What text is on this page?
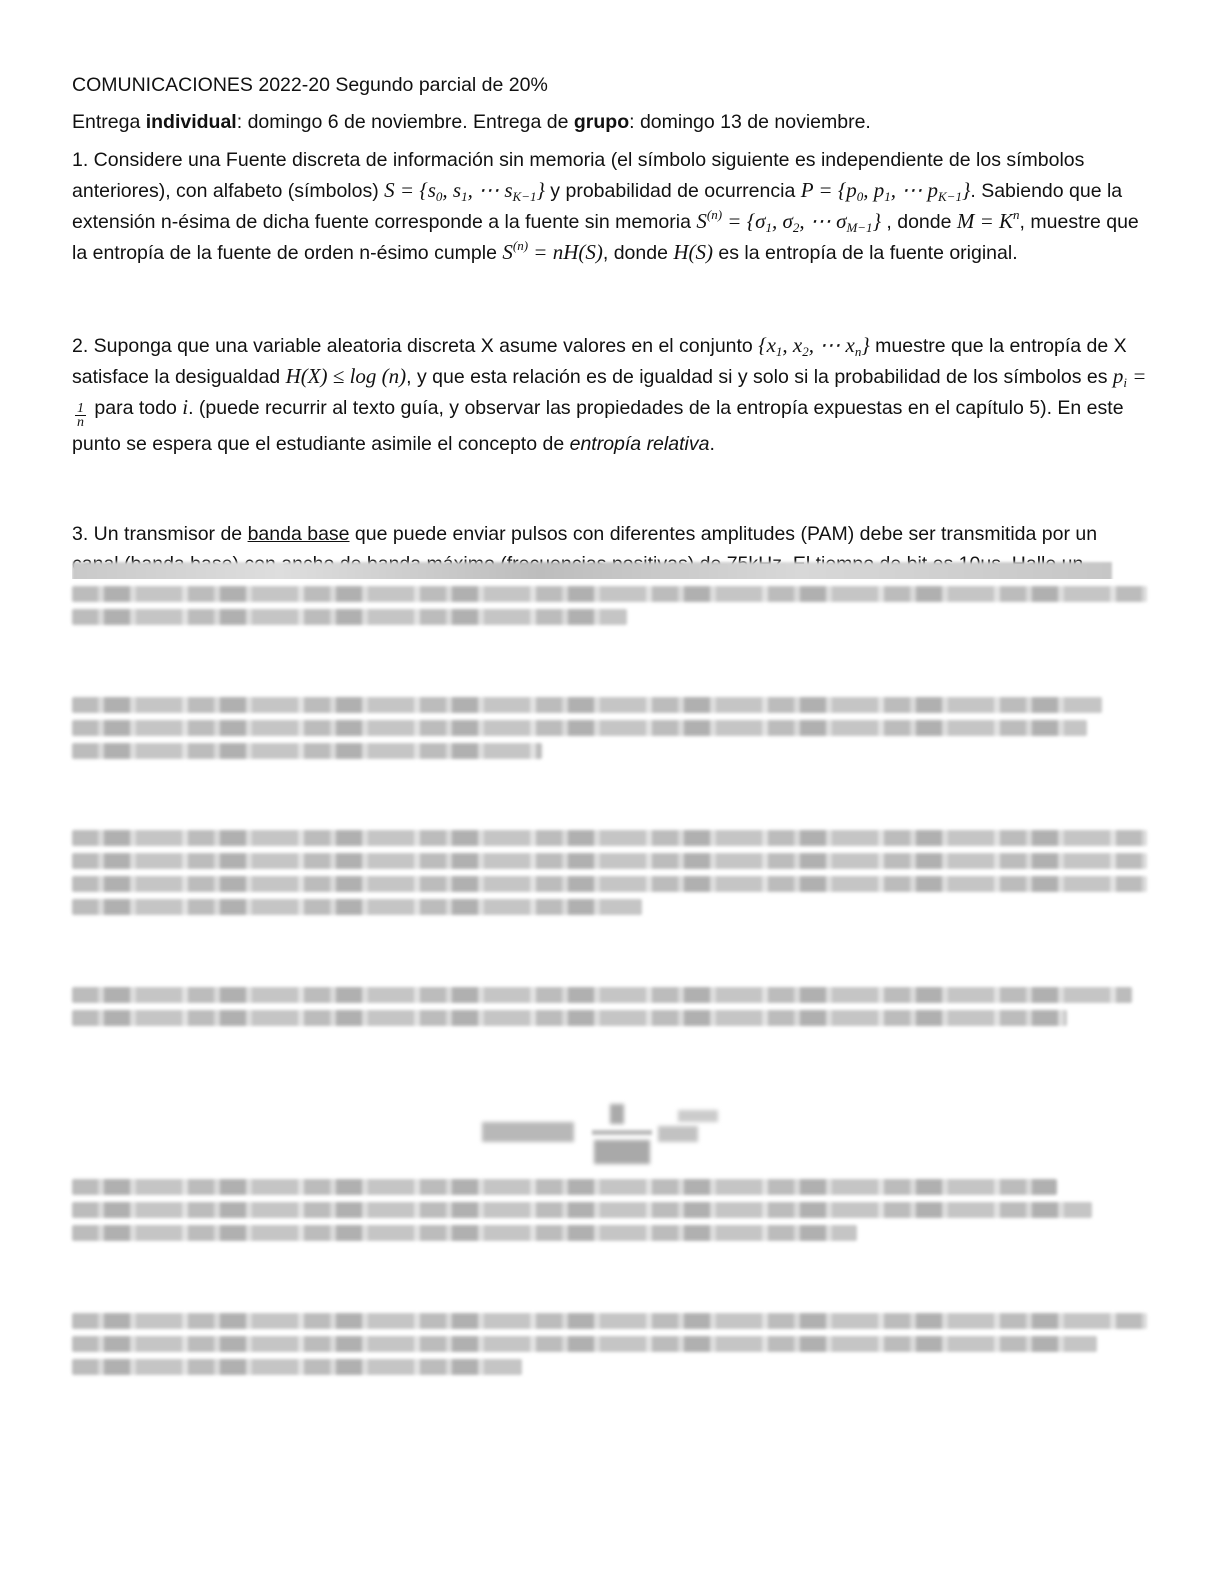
COMUNICACIONES 2022-20 Segundo parcial de 20%

Entrega individual: domingo 6 de noviembre. Entrega de grupo: domingo 13 de noviembre.

1. Considere una Fuente discreta de información sin memoria (el símbolo siguiente es independiente de los símbolos anteriores), con alfabeto (símbolos) $S = \{s_0$, $s_1$, ⋯ $s_{K-1}$} y probabilidad de ocurrencia $P = \{p_0$, $p_1$, ⋯ $p_{K-1}$}. Sabiendo que la extensión n-ésima de dicha fuente corresponde a la fuente sin memoria $S^{(n)} = \{\sigma_1$, $\sigma_2$, ⋯ $\sigma_{M-1}$} , donde $M = K^n$, muestre que la entropía de la fuente de orden n-ésimo cumple $S^{(n)} = nH(S)$, donde H(S) es la entropía de la fuente original.

2. Suponga que una variable aleatoria discreta X asume valores en el conjunto {$x_1$, $x_2$, ⋯ $x_n$} muestre que la entropía de X satisface la desigualdad H(X) ≤ log (n), y que esta relación es de igualdad si y solo si la probabilidad de los símbolos es $p_i$ =
$\frac{1}{n}$ para todo i. (puede recurrir al texto guía, y observar las propiedades de la entropía expuestas en el capítulo 5). En este punto se espera que el estudiante asimile el concepto de entropía relativa.

3. Un transmisor de banda base que puede enviar pulsos con diferentes amplitudes (PAM) debe ser transmitida por un
